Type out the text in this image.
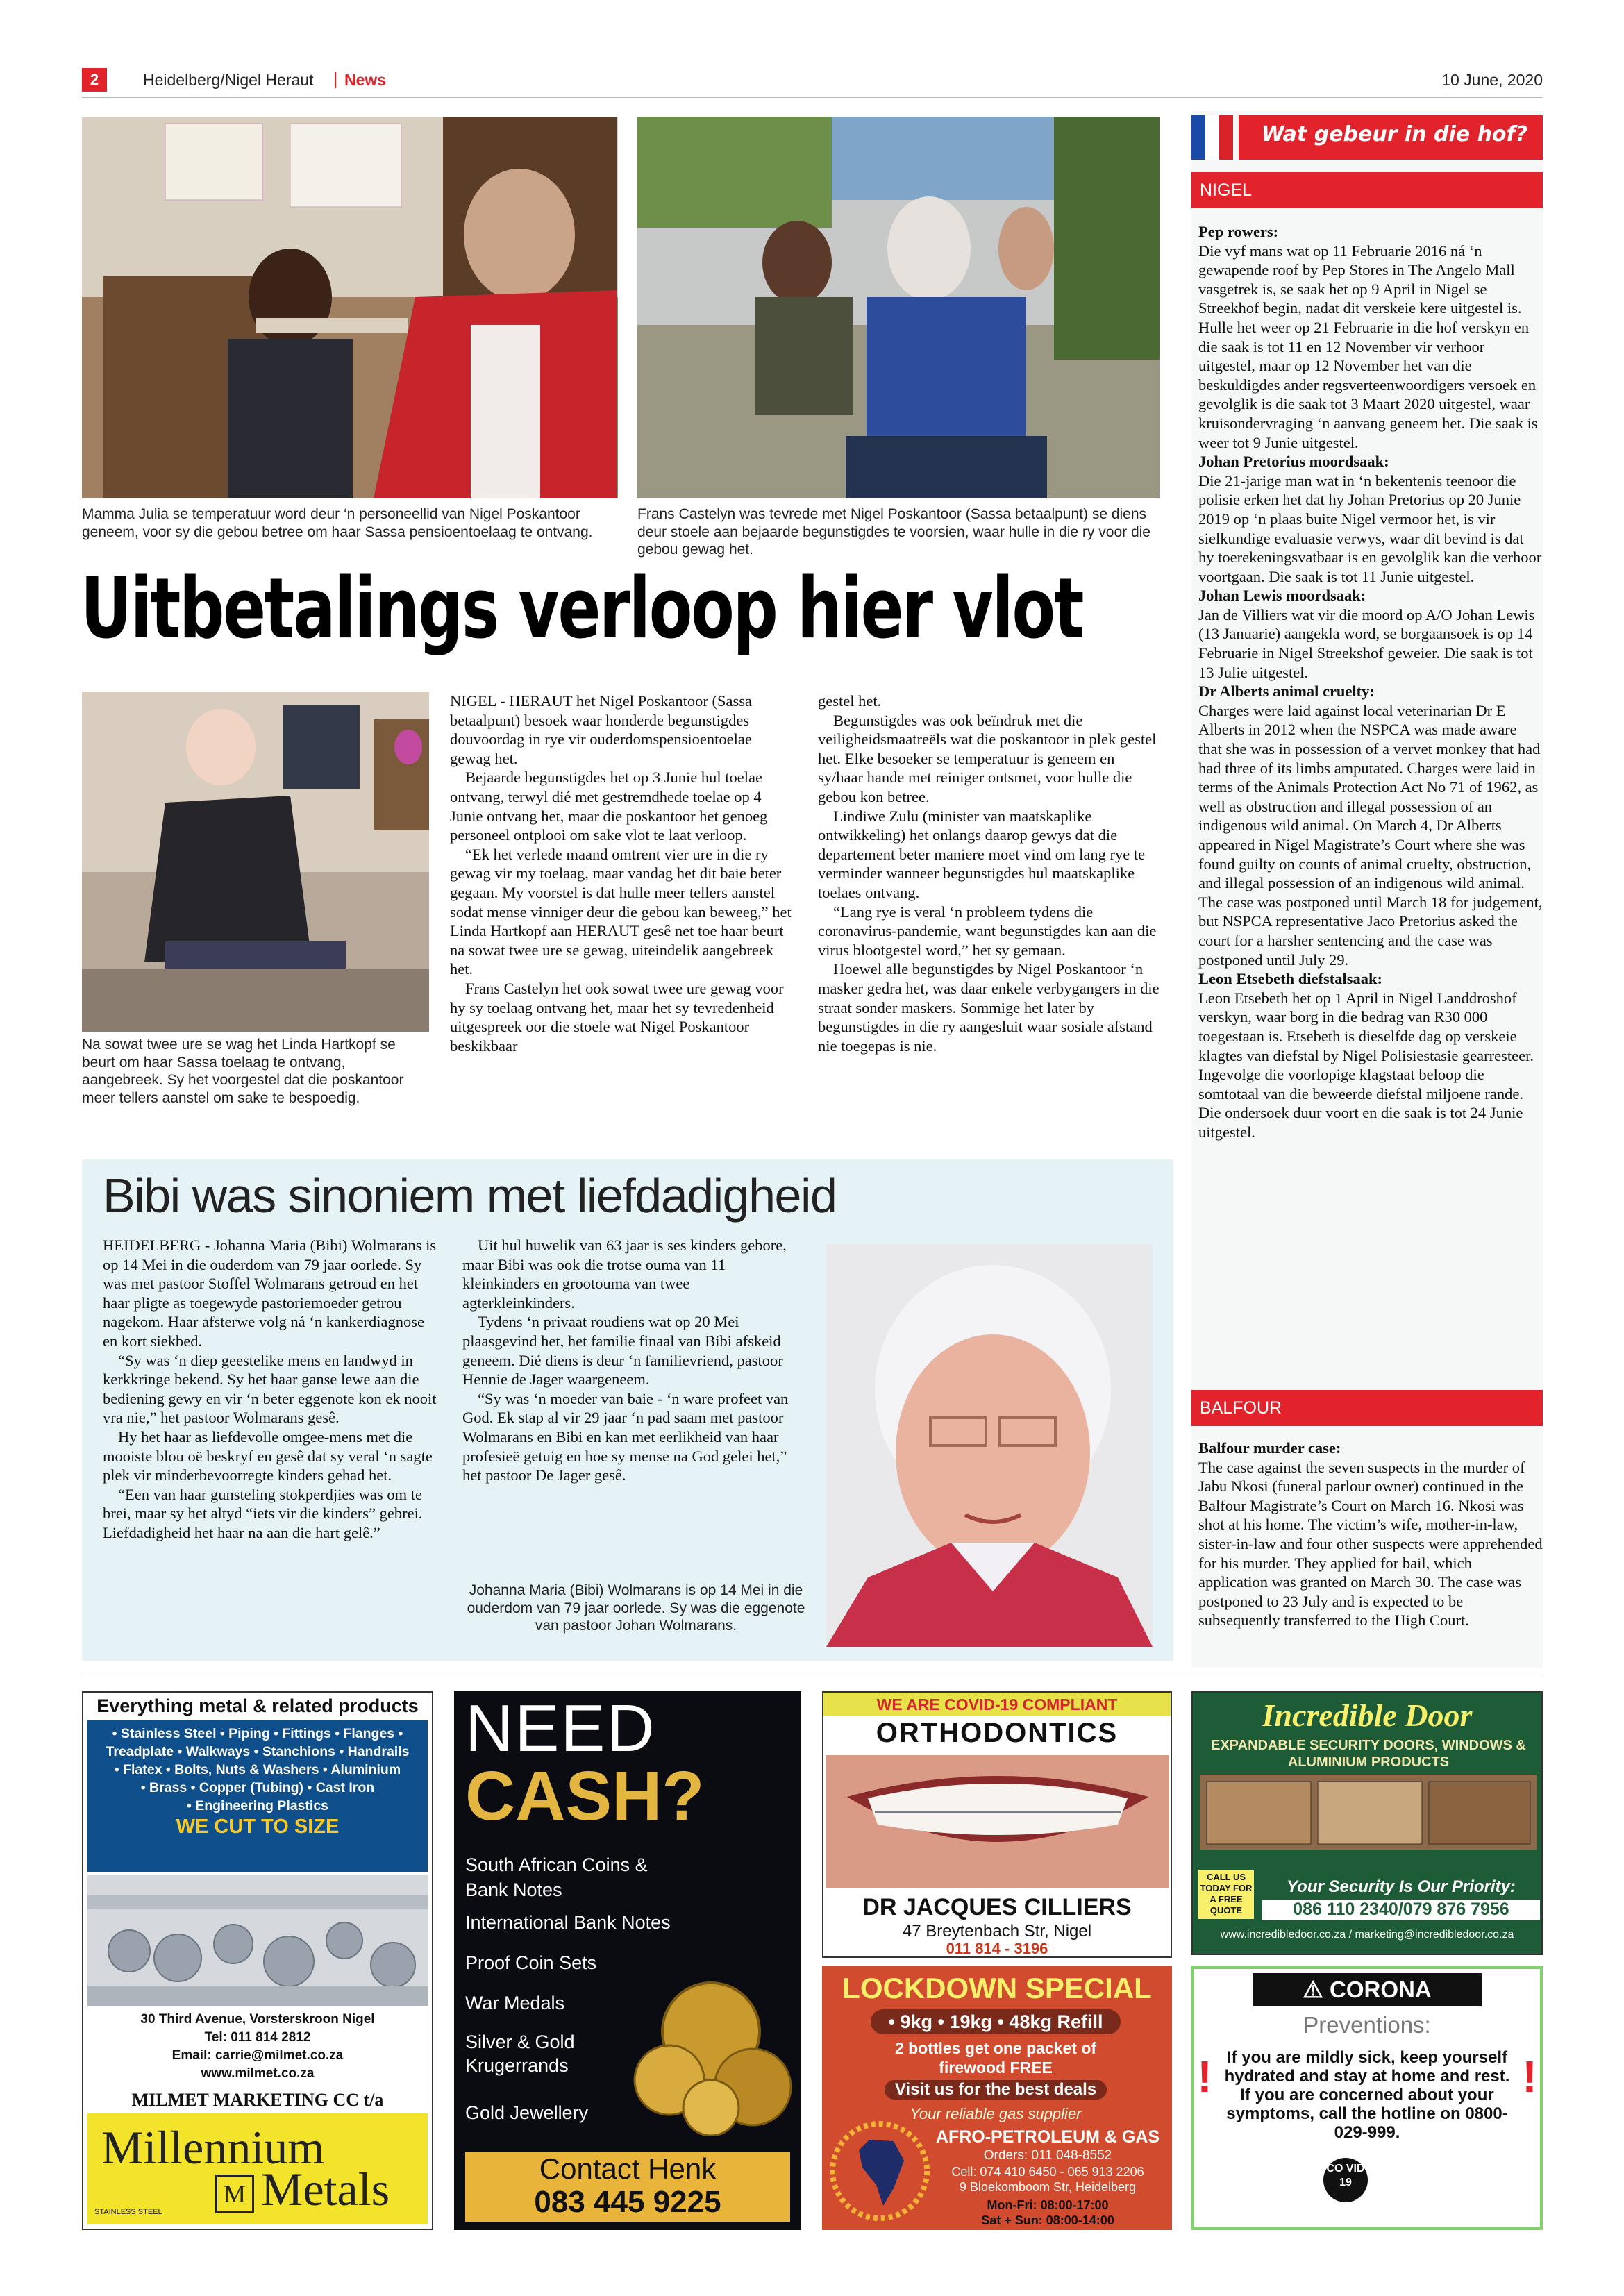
2	Heidelberg/Nigel Heraut | News	10 June, 2020
Mamma Julia se temperatuur word deur ‘n personeellid van Nigel Poskantoor geneem, voor sy die gebou betree om haar Sassa pensioentoelaag te ontvang.
Frans Castelyn was tevrede met Nigel Poskantoor (Sassa betaalpunt) se diens deur stoele aan bejaarde begunstigdes te voorsien, waar hulle in die ry voor die gebou gewag het.
Uitbetalings verloop hier vlot
Na sowat twee ure se wag het Linda Hartkopf se beurt om haar Sassa toelaag te ontvang, aangebreek. Sy het voorgestel dat die poskantoor meer tellers aanstel om sake te bespoedig.

NIGEL - HERAUT het Nigel Poskantoor (Sassa betaalpunt) besoek waar honderde begunstigdes douvoordag in rye vir ouderdomspensioentoelae gewag het.

Bejaarde begunstigdes het op 3 Junie hul toelae ontvang, terwyl dié met gestremdhede toelae op 4 Junie ontvang het, maar die poskantoor het genoeg personeel ontplooi om sake vlot te laat verloop.

“Ek het verlede maand omtrent vier ure in die ry gewag vir my toelaag, maar vandag het dit baie beter gegaan. My voorstel is dat hulle meer tellers aanstel sodat mense vinniger deur die gebou kan beweeg,” het Linda Hartkopf aan HERAUT gesê net toe haar beurt na sowat twee ure se gewag, uiteindelik aangebreek het.

Frans Castelyn het ook sowat twee ure gewag voor hy sy toelaag ontvang het, maar het sy tevredenheid uitgespreek oor die stoele wat Nigel Poskantoor beskikbaar

gestel het.

Begunstigdes was ook beïndruk met die veiligheidsmaatreëls wat die poskantoor in plek gestel het. Elke besoeker se temperatuur is geneem en sy/haar hande met reiniger ontsmet, voor hulle die gebou kon betree.

Lindiwe Zulu (minister van maatskaplike ontwikkeling) het onlangs daarop gewys dat die departement beter maniere moet vind om lang rye te verminder wanneer begunstigdes hul maatskaplike toelaes ontvang.

“Lang rye is veral ‘n probleem tydens die coronavirus-pandemie, want begunstigdes kan aan die virus blootgestel word,” het sy gemaan.

Hoewel alle begunstigdes by Nigel Poskantoor ‘n masker gedra het, was daar enkele verbygangers in die straat sonder maskers. Sommige het later by begunstigdes in die ry aangesluit waar sosiale afstand nie toegepas is nie.

Bibi was sinoniem met liefdadigheid

HEIDELBERG - Johanna Maria (Bibi) Wolmarans is op 14 Mei in die ouderdom van 79 jaar oorlede. Sy was met pastoor Stoffel Wolmarans getroud en het haar pligte as toegewyde pastoriemoeder getrou nagekom. Haar afsterwe volg ná ‘n kankerdiagnose en kort siekbed.

“Sy was ‘n diep geestelike mens en landwyd in kerkkringe bekend. Sy het haar ganse lewe aan die bediening gewy en vir ‘n beter eggenote kon ek nooit vra nie,” het pastoor Wolmarans gesê.

Hy het haar as liefdevolle omgee-mens met die mooiste blou oë beskryf en gesê dat sy veral ‘n sagte plek vir minderbevoorregte kinders gehad het.

“Een van haar gunsteling stokperdjies was om te brei, maar sy het altyd “iets vir die kinders” gebrei. Liefdadigheid het haar na aan die hart gelê.”

Uit hul huwelik van 63 jaar is ses kinders gebore, maar Bibi was ook die trotse ouma van 11 kleinkinders en grootouma van twee agterkleinkinders.

Tydens ‘n privaat roudiens wat op 20 Mei plaasgevind het, het familie finaal van Bibi afskeid geneem. Dié diens is deur ‘n familievriend, pastoor Hennie de Jager waargeneem.

“Sy was ‘n moeder van baie - ‘n ware profeet van God. Ek stap al vir 29 jaar ‘n pad saam met pastoor Wolmarans en Bibi en kan met eerlikheid van haar profesieë getuig en hoe sy mense na God gelei het,” het pastoor De Jager gesê.

Johanna Maria (Bibi) Wolmarans is op 14 Mei in die ouderdom van 79 jaar oorlede. Sy was die eggenote van pastoor Johan Wolmarans.
Wat gebeur in die hof?
NIGEL

Pep rowers:

Die vyf mans wat op 11 Februarie 2016 ná ‘n gewapende roof by Pep Stores in The Angelo Mall vasgetrek is, se saak het op 9 April in Nigel se Streekhof begin, nadat dit verskeie kere uitgestel is. Hulle het weer op 21 Februarie in die hof verskyn en die saak is tot 11 en 12 November vir verhoor uitgestel, maar op 12 November het van die beskuldigdes ander regsverteenwoordigers versoek en gevolglik is die saak tot 3 Maart 2020 uitgestel, waar kruisondervraging ‘n aanvang geneem het. Die saak is weer tot 9 Junie uitgestel.

Johan Pretorius moordsaak:

Die 21-jarige man wat in ‘n bekentenis teenoor die polisie erken het dat hy Johan Pretorius op 20 Junie 2019 op ‘n plaas buite Nigel vermoor het, is vir sielkundige evaluasie verwys, waar dit bevind is dat hy toerekeningsvatbaar is en gevolglik kan die verhoor voortgaan. Die saak is tot 11 Junie uitgestel.

Johan Lewis moordsaak:

Jan de Villiers wat vir die moord op A/O Johan Lewis (13 Januarie) aangekla word, se borgaansoek is op 14 Februarie in Nigel Streekshof geweier. Die saak is tot 13 Julie uitgestel.

Dr Alberts animal cruelty:

Charges were laid against local veterinarian Dr E Alberts in 2012 when the NSPCA was made aware that she was in possession of a vervet monkey that had had three of its limbs amputated. Charges were laid in terms of the Animals Protection Act No 71 of 1962, as well as obstruction and illegal possession of an indigenous wild animal. On March 4, Dr Alberts appeared in Nigel Magistrate’s Court where she was found guilty on counts of animal cruelty, obstruction, and illegal possession of an indigenous wild animal. The case was postponed until March 18 for judgement, but NSPCA representative Jaco Pretorius asked the court for a harsher sentencing and the case was postponed until July 29.

Leon Etsebeth diefstalsaak:

Leon Etsebeth het op 1 April in Nigel Landdroshof verskyn, waar borg in die bedrag van R30 000 toegestaan is. Etsebeth is dieselfde dag op verskeie klagtes van diefstal by Nigel Polisiestasie gearresteer. Ingevolge die voorlopige klagstaat beloop die somtotaal van die beweerde diefstal miljoene rande. Die ondersoek duur voort en die saak is tot 24 Junie uitgestel.

BALFOUR

Balfour murder case:

The case against the seven suspects in the murder of Jabu Nkosi (funeral parlour owner) continued in the Balfour Magistrate’s Court on March 16. Nkosi was shot at his home. The victim’s wife, mother-in-law, sister-in-law and four other suspects were apprehended for his murder. They applied for bail, which application was granted on March 30. The case was postponed to 23 July and is expected to be subsequently transferred to the High Court.

Everything metal & related products
• Stainless Steel • Piping • Fittings • Flanges •
Treadplate • Walkways • Stanchions • Handrails
• Flatex • Bolts, Nuts & Washers • Aluminium
• Brass • Copper (Tubing) • Cast Iron
• Engineering Plastics
WE CUT TO SIZE
30 Third Avenue, Vorsterskroon Nigel
Tel: 011 814 2812
Email: carrie@milmet.co.za
www.milmet.co.za
MILMET MARKETING CC t/a
Millennium
M Metals
STAINLESS STEEL
NEED
CASH?
South African Coins & Bank Notes
International Bank Notes
Proof Coin Sets
War Medals
Silver & Gold Krugerrands
Gold Jewellery
Contact Henk
083 445 9225
WE ARE COVID-19 COMPLIANT
ORTHODONTICS
DR JACQUES CILLIERS
47 Breytenbach Str, Nigel
011 814 - 3196
Incredible Door
EXPANDABLE SECURITY DOORS, WINDOWS & ALUMINIUM PRODUCTS
CALL US TODAY FOR A FREE QUOTE
Your Security Is Our Priority:
086 110 2340/079 876 7956
www.incredibledoor.co.za / marketing@incredibledoor.co.za
LOCKDOWN SPECIAL
• 9kg • 19kg • 48kg Refill
2 bottles get one packet of firewood FREE
Visit us for the best deals
Your reliable gas supplier
AFRO-PETROLEUM & GAS
Orders: 011 048-8552
Cell: 074 410 6450 - 065 913 2206
9 Bloekomboom Str, Heidelberg
Mon-Fri: 08:00-17:00
Sat + Sun: 08:00-14:00
⚠ CORONA
Preventions:
!	!
If you are mildly sick, keep yourself hydrated and stay at home and rest. If you are concerned about your symptoms, call the hotline on 0800-029-999.
CO VID 19
